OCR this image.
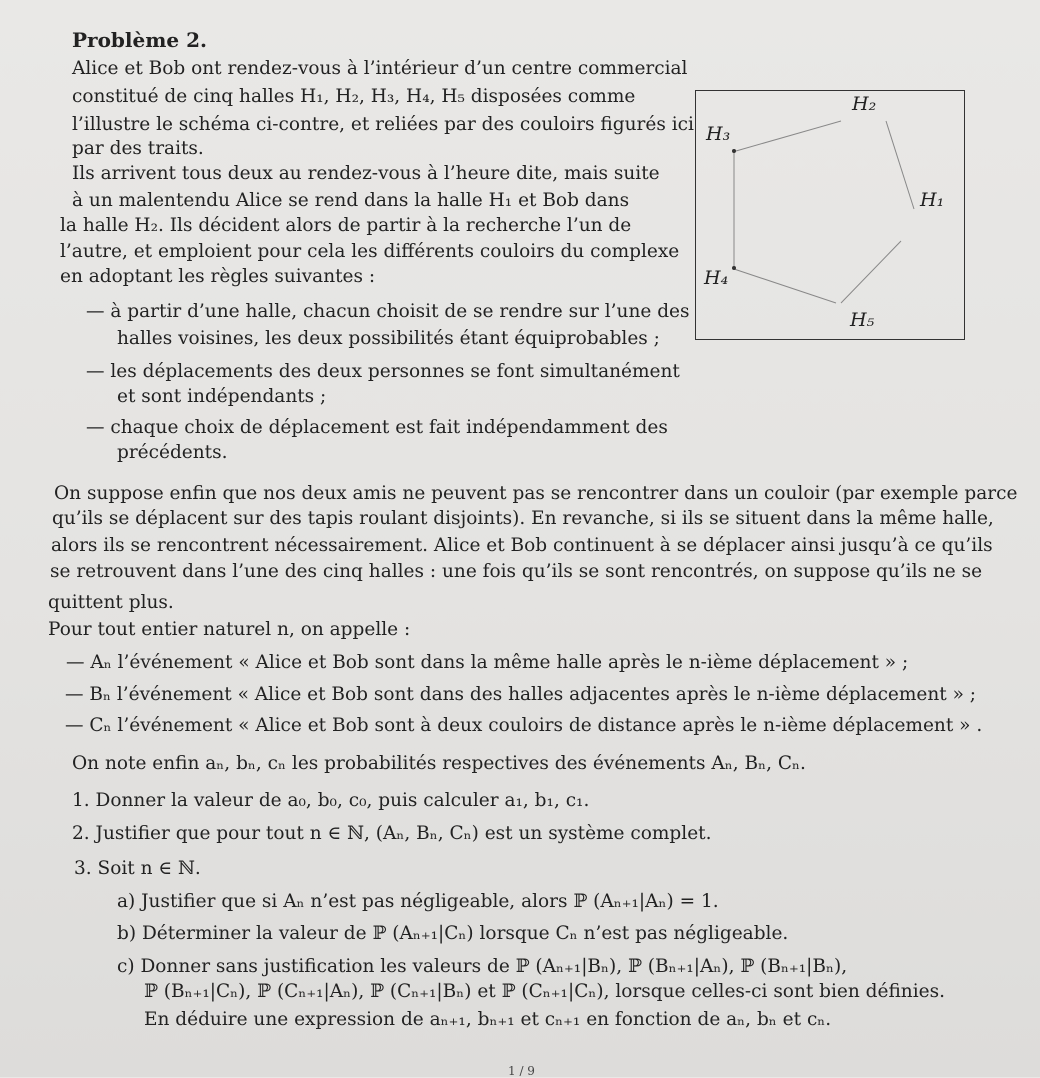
Problème 2.
Alice et Bob ont rendez-vous à l’intérieur d’un centre commercial
constitué de cinq halles H₁, H₂, H₃, H₄, H₅ disposées comme
l’illustre le schéma ci-contre, et reliées par des couloirs figurés ici
par des traits.
Ils arrivent tous deux au rendez-vous à l’heure dite, mais suite
à un malentendu Alice se rend dans la halle H₁ et Bob dans
la halle H₂. Ils décident alors de partir à la recherche l’un de
l’autre, et emploient pour cela les différents couloirs du complexe
en adoptant les règles suivantes :
— à partir d’une halle, chacun choisit de se rendre sur l’une des
halles voisines, les deux possibilités étant équiprobables ;
— les déplacements des deux personnes se font simultanément
et sont indépendants ;
— chaque choix de déplacement est fait indépendamment des
précédents.
On suppose enfin que nos deux amis ne peuvent pas se rencontrer dans un couloir (par exemple parce
qu’ils se déplacent sur des tapis roulant disjoints). En revanche, si ils se situent dans la même halle,
alors ils se rencontrent nécessairement. Alice et Bob continuent à se déplacer ainsi jusqu’à ce qu’ils
se retrouvent dans l’une des cinq halles : une fois qu’ils se sont rencontrés, on suppose qu’ils ne se
quittent plus.
Pour tout entier naturel n, on appelle :
— Aₙ l’événement « Alice et Bob sont dans la même halle après le n-ième déplacement » ;
— Bₙ l’événement « Alice et Bob sont dans des halles adjacentes après le n-ième déplacement » ;
— Cₙ l’événement « Alice et Bob sont à deux couloirs de distance après le n-ième déplacement » .
On note enfin aₙ, bₙ, cₙ les probabilités respectives des événements Aₙ, Bₙ, Cₙ.
1. Donner la valeur de a₀, b₀, c₀, puis calculer a₁, b₁, c₁.
2. Justifier que pour tout n ∈ ℕ, (Aₙ, Bₙ, Cₙ) est un système complet.
3. Soit n ∈ ℕ.
a) Justifier que si Aₙ n’est pas négligeable, alors ℙ (Aₙ₊₁|Aₙ) = 1.
b) Déterminer la valeur de ℙ (Aₙ₊₁|Cₙ) lorsque Cₙ n’est pas négligeable.
c) Donner sans justification les valeurs de ℙ (Aₙ₊₁|Bₙ), ℙ (Bₙ₊₁|Aₙ), ℙ (Bₙ₊₁|Bₙ),
ℙ (Bₙ₊₁|Cₙ), ℙ (Cₙ₊₁|Aₙ), ℙ (Cₙ₊₁|Bₙ) et ℙ (Cₙ₊₁|Cₙ), lorsque celles-ci sont bien définies.
En déduire une expression de aₙ₊₁, bₙ₊₁ et cₙ₊₁ en fonction de aₙ, bₙ et cₙ.
1 / 9
H₂
H₃
H₁
H₄
H₅
